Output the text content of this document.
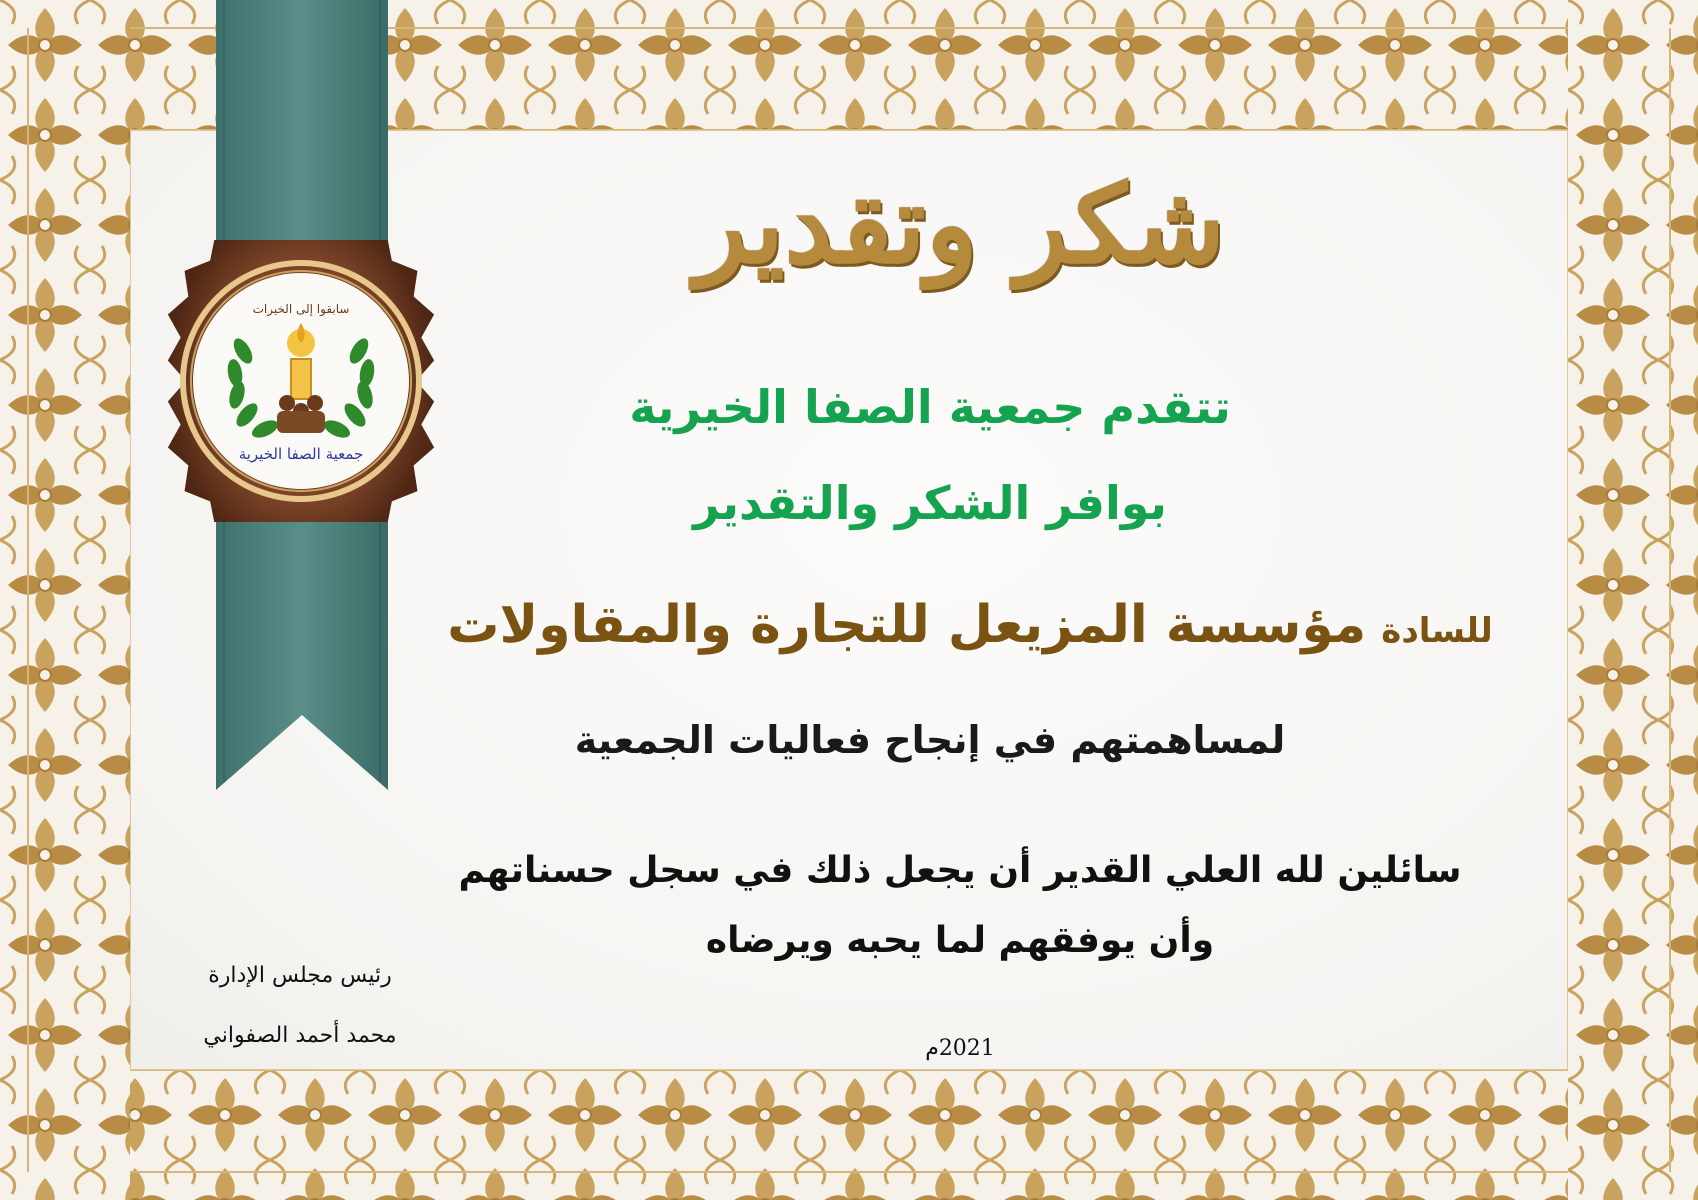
سابقوا إلى الخيرات
جمعية الصفا الخيرية
شكر وتقدير
تتقدم جمعية الصفا الخيرية
بوافر الشكر والتقدير
للسادة مؤسسة المزيعل للتجارة والمقاولات
لمساهمتهم في إنجاح فعاليات الجمعية
سائلين لله العلي القدير أن يجعل ذلك في سجل حسناتهم
وأن يوفقهم لما يحبه ويرضاه
رئيس مجلس الإدارة
محمد أحمد الصفواني
2021م
